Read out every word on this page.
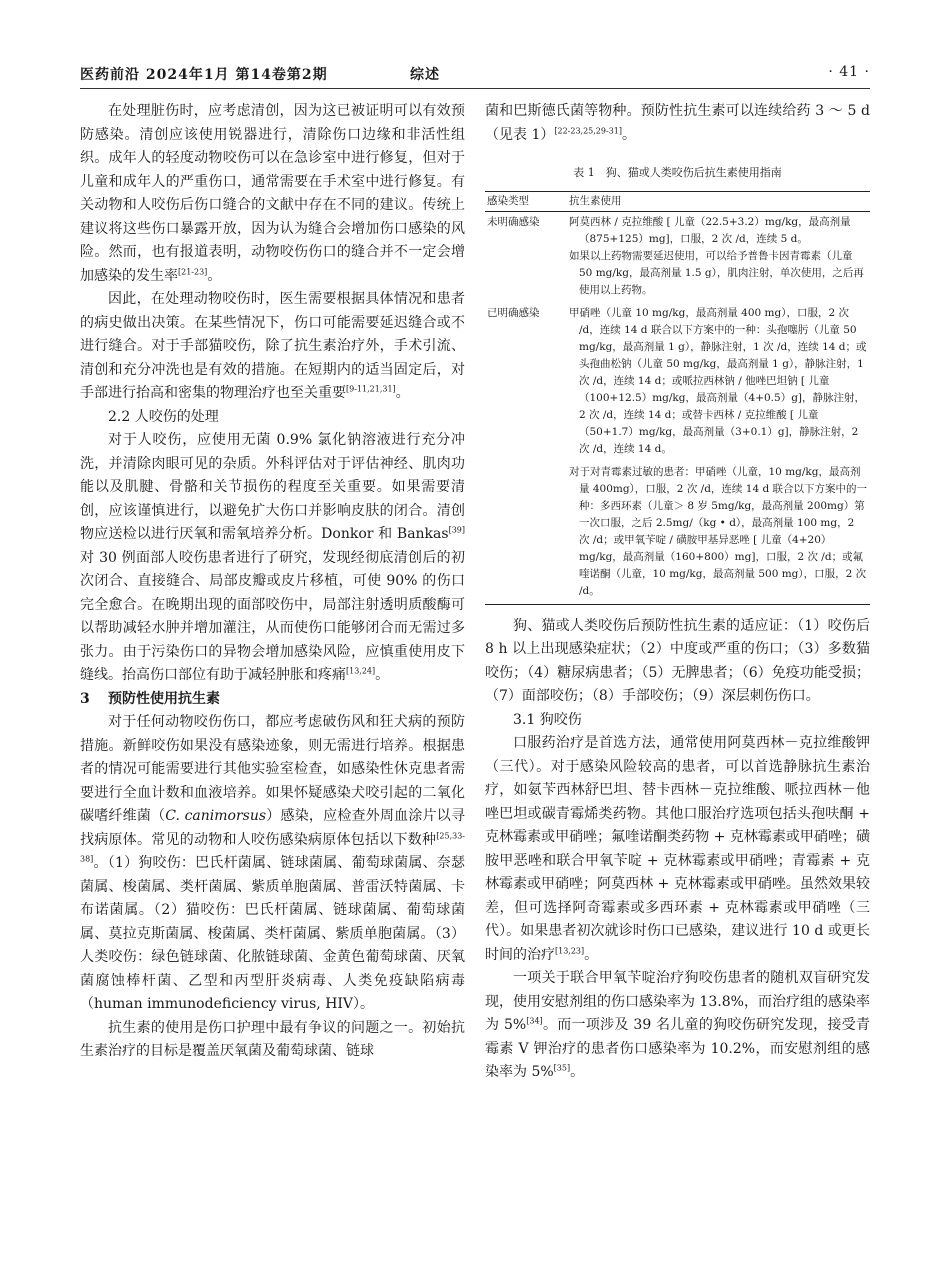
医药前沿 2024年1月 第14卷第2期	综述	· 41 ·

在处理脏伤时，应考虑清创，因为这已被证明可以有效预防感染。清创应该使用锐器进行，清除伤口边缘和非活性组织。成年人的轻度动物咬伤可以在急诊室中进行修复，但对于儿童和成年人的严重伤口，通常需要在手术室中进行修复。有关动物和人咬伤后伤口缝合的文献中存在不同的建议。传统上建议将这些伤口暴露开放，因为认为缝合会增加伤口感染的风险。然而，也有报道表明，动物咬伤伤口的缝合并不一定会增加感染的发生率[21-23]。

因此，在处理动物咬伤时，医生需要根据具体情况和患者的病史做出决策。在某些情况下，伤口可能需要延迟缝合或不进行缝合。对于手部猫咬伤，除了抗生素治疗外，手术引流、清创和充分冲洗也是有效的措施。在短期内的适当固定后，对手部进行抬高和密集的物理治疗也至关重要[9-11,21,31]。

2.2 人咬伤的处理

对于人咬伤，应使用无菌 0.9% 氯化钠溶液进行充分冲洗，并清除肉眼可见的杂质。外科评估对于评估神经、肌肉功能以及肌腱、骨骼和关节损伤的程度至关重要。如果需要清创，应该谨慎进行，以避免扩大伤口并影响皮肤的闭合。清创物应送检以进行厌氧和需氧培养分析。Donkor 和 Bankas[39] 对 30 例面部人咬伤患者进行了研究，发现经彻底清创后的初次闭合、直接缝合、局部皮瓣或皮片移植，可使 90% 的伤口完全愈合。在晚期出现的面部咬伤中，局部注射透明质酸酶可以帮助减轻水肿并增加灌注，从而使伤口能够闭合而无需过多张力。由于污染伤口的异物会增加感染风险，应慎重使用皮下缝线。抬高伤口部位有助于减轻肿胀和疼痛[13,24]。

3 预防性使用抗生素

对于任何动物咬伤伤口，都应考虑破伤风和狂犬病的预防措施。新鲜咬伤如果没有感染迹象，则无需进行培养。根据患者的情况可能需要进行其他实验室检查，如感染性休克患者需要进行全血计数和血液培养。如果怀疑感染犬咬引起的二氧化碳嗜纤维菌（C. canimorsus）感染，应检查外周血涂片以寻找病原体。常见的动物和人咬伤感染病原体包括以下数种[25,33-38]。（1）狗咬伤：巴氏杆菌属、链球菌属、葡萄球菌属、奈瑟菌属、梭菌属、类杆菌属、紫质单胞菌属、普雷沃特菌属、卡布诺菌属。（2）猫咬伤：巴氏杆菌属、链球菌属、葡萄球菌属、莫拉克斯菌属、梭菌属、类杆菌属、紫质单胞菌属。（3）人类咬伤：绿色链球菌、化脓链球菌、金黄色葡萄球菌、厌氧菌腐蚀棒杆菌、乙型和丙型肝炎病毒、人类免疫缺陷病毒（human immunodeficiency virus, HIV）。

抗生素的使用是伤口护理中最有争议的问题之一。初始抗生素治疗的目标是覆盖厌氧菌及葡萄球菌、链球

菌和巴斯德氏菌等物种。预防性抗生素可以连续给药 3 ～ 5 d（见表 1）[22-23,25,29-31]。

表 1　狗、猫或人类咬伤后抗生素使用指南
感染类型	抗生素使用
未明确感染	阿莫西林 / 克拉维酸 [ 儿童（22.5+3.2）mg/kg，最高剂量（875+125）mg]，口服，2 次 /d，连续 5 d。
如果以上药物需要延迟使用，可以给予普鲁卡因青霉素（儿童 50 mg/kg，最高剂量 1.5 g），肌肉注射，单次使用，之后再使用以上药物。

已明确感染	甲硝唑（儿童 10 mg/kg，最高剂量 400 mg），口服，2 次 /d，连续 14 d 联合以下方案中的一种：头孢噻肟（儿童 50 mg/kg，最高剂量 1 g），静脉注射，1 次 /d，连续 14 d；或头孢曲松钠（儿童 50 mg/kg，最高剂量 1 g），静脉注射，1 次 /d，连续 14 d；或哌拉西林钠 / 他唑巴坦钠 [ 儿童（100+12.5）mg/kg，最高剂量（4+0.5）g]，静脉注射，2 次 /d，连续 14 d；或替卡西林 / 克拉维酸 [ 儿童（50+1.7）mg/kg，最高剂量（3+0.1）g]，静脉注射，2 次 /d，连续 14 d。
对于对青霉素过敏的患者：甲硝唑（儿童，10 mg/kg，最高剂量 400mg），口服，2 次 /d，连续 14 d 联合以下方案中的一种：多西环素（儿童＞ 8 岁 5mg/kg，最高剂量 200mg）第一次口服，之后 2.5mg/（kg • d），最高剂量 100 mg，2 次 /d；或甲氧苄啶 / 磺胺甲基异恶唑 [ 儿童（4+20）mg/kg，最高剂量（160+800）mg]，口服，2 次 /d；或氟喹诺酮（儿童，10 mg/kg，最高剂量 500 mg），口服，2 次 /d。

狗、猫或人类咬伤后预防性抗生素的适应证：（1）咬伤后 8 h 以上出现感染症状；（2）中度或严重的伤口；（3）多数猫咬伤；（4）糖尿病患者；（5）无脾患者；（6）免疫功能受损；（7）面部咬伤；（8）手部咬伤；（9）深层刺伤伤口。

3.1 狗咬伤

口服药治疗是首选方法，通常使用阿莫西林－克拉维酸钾（三代）。对于感染风险较高的患者，可以首选静脉抗生素治疗，如氨苄西林舒巴坦、替卡西林－克拉维酸、哌拉西林－他唑巴坦或碳青霉烯类药物。其他口服治疗选项包括头孢呋酮 + 克林霉素或甲硝唑；氟喹诺酮类药物 + 克林霉素或甲硝唑；磺胺甲恶唑和联合甲氧苄啶 + 克林霉素或甲硝唑；青霉素 + 克林霉素或甲硝唑；阿莫西林 + 克林霉素或甲硝唑。虽然效果较差，但可选择阿奇霉素或多西环素 + 克林霉素或甲硝唑（三代）。如果患者初次就诊时伤口已感染，建议进行 10 d 或更长时间的治疗[13,23]。

一项关于联合甲氧苄啶治疗狗咬伤患者的随机双盲研究发现，使用安慰剂组的伤口感染率为 13.8%，而治疗组的感染率为 5%[34]。而一项涉及 39 名儿童的狗咬伤研究发现，接受青霉素 V 钾治疗的患者伤口感染率为 10.2%，而安慰剂组的感染率为 5%[35]。
